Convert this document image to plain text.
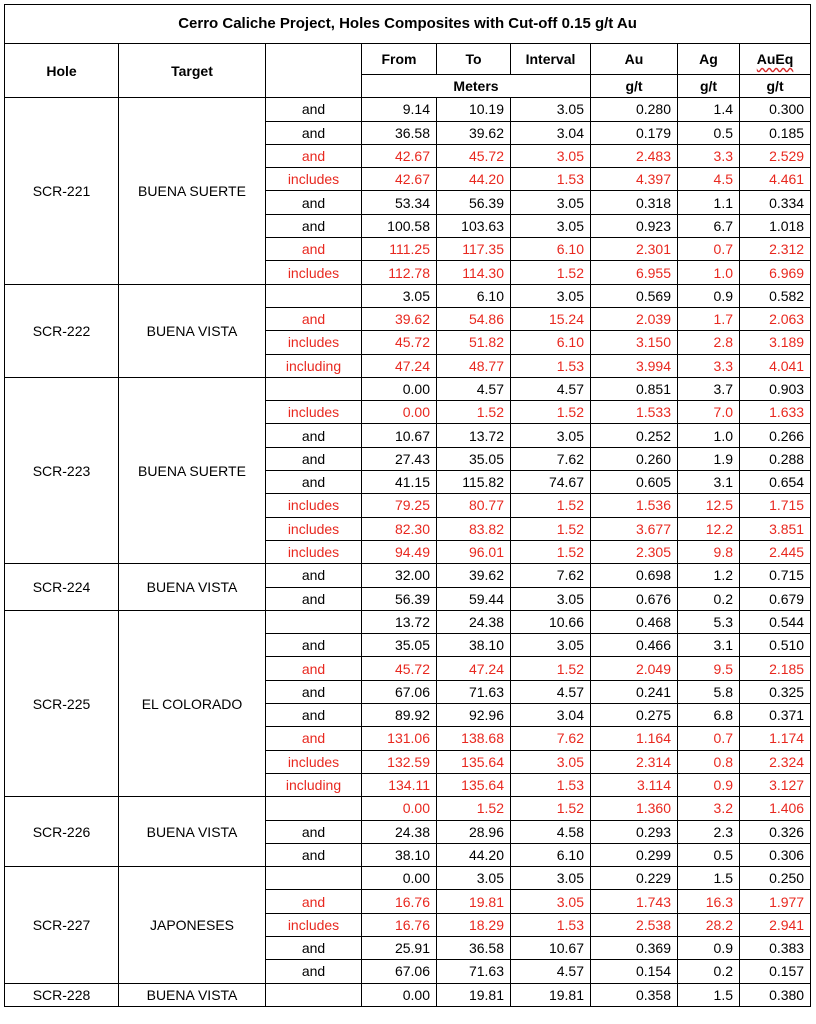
Cerro Caliche Project, Holes Composites with Cut-off 0.15 g/t Au								
Hole	Target		From	To	Interval	Au	Ag	AuEq
			Meters			g/t	g/t	g/t
SCR-221	BUENA SUERTE	and	9.14	10.19	3.05	0.280	1.4	0.300
		and	36.58	39.62	3.04	0.179	0.5	0.185
		and	42.67	45.72	3.05	2.483	3.3	2.529
		includes	42.67	44.20	1.53	4.397	4.5	4.461
		and	53.34	56.39	3.05	0.318	1.1	0.334
		and	100.58	103.63	3.05	0.923	6.7	1.018
		and	111.25	117.35	6.10	2.301	0.7	2.312
		includes	112.78	114.30	1.52	6.955	1.0	6.969
SCR-222	BUENA VISTA		3.05	6.10	3.05	0.569	0.9	0.582
		and	39.62	54.86	15.24	2.039	1.7	2.063
		includes	45.72	51.82	6.10	3.150	2.8	3.189
		including	47.24	48.77	1.53	3.994	3.3	4.041
SCR-223	BUENA SUERTE		0.00	4.57	4.57	0.851	3.7	0.903
		includes	0.00	1.52	1.52	1.533	7.0	1.633
		and	10.67	13.72	3.05	0.252	1.0	0.266
		and	27.43	35.05	7.62	0.260	1.9	0.288
		and	41.15	115.82	74.67	0.605	3.1	0.654
		includes	79.25	80.77	1.52	1.536	12.5	1.715
		includes	82.30	83.82	1.52	3.677	12.2	3.851
		includes	94.49	96.01	1.52	2.305	9.8	2.445
SCR-224	BUENA VISTA	and	32.00	39.62	7.62	0.698	1.2	0.715
		and	56.39	59.44	3.05	0.676	0.2	0.679
SCR-225	EL COLORADO		13.72	24.38	10.66	0.468	5.3	0.544
		and	35.05	38.10	3.05	0.466	3.1	0.510
		and	45.72	47.24	1.52	2.049	9.5	2.185
		and	67.06	71.63	4.57	0.241	5.8	0.325
		and	89.92	92.96	3.04	0.275	6.8	0.371
		and	131.06	138.68	7.62	1.164	0.7	1.174
		includes	132.59	135.64	3.05	2.314	0.8	2.324
		including	134.11	135.64	1.53	3.114	0.9	3.127
SCR-226	BUENA VISTA		0.00	1.52	1.52	1.360	3.2	1.406
		and	24.38	28.96	4.58	0.293	2.3	0.326
		and	38.10	44.20	6.10	0.299	0.5	0.306
SCR-227	JAPONESES		0.00	3.05	3.05	0.229	1.5	0.250
		and	16.76	19.81	3.05	1.743	16.3	1.977
		includes	16.76	18.29	1.53	2.538	28.2	2.941
		and	25.91	36.58	10.67	0.369	0.9	0.383
		and	67.06	71.63	4.57	0.154	0.2	0.157
SCR-228	BUENA VISTA		0.00	19.81	19.81	0.358	1.5	0.380
